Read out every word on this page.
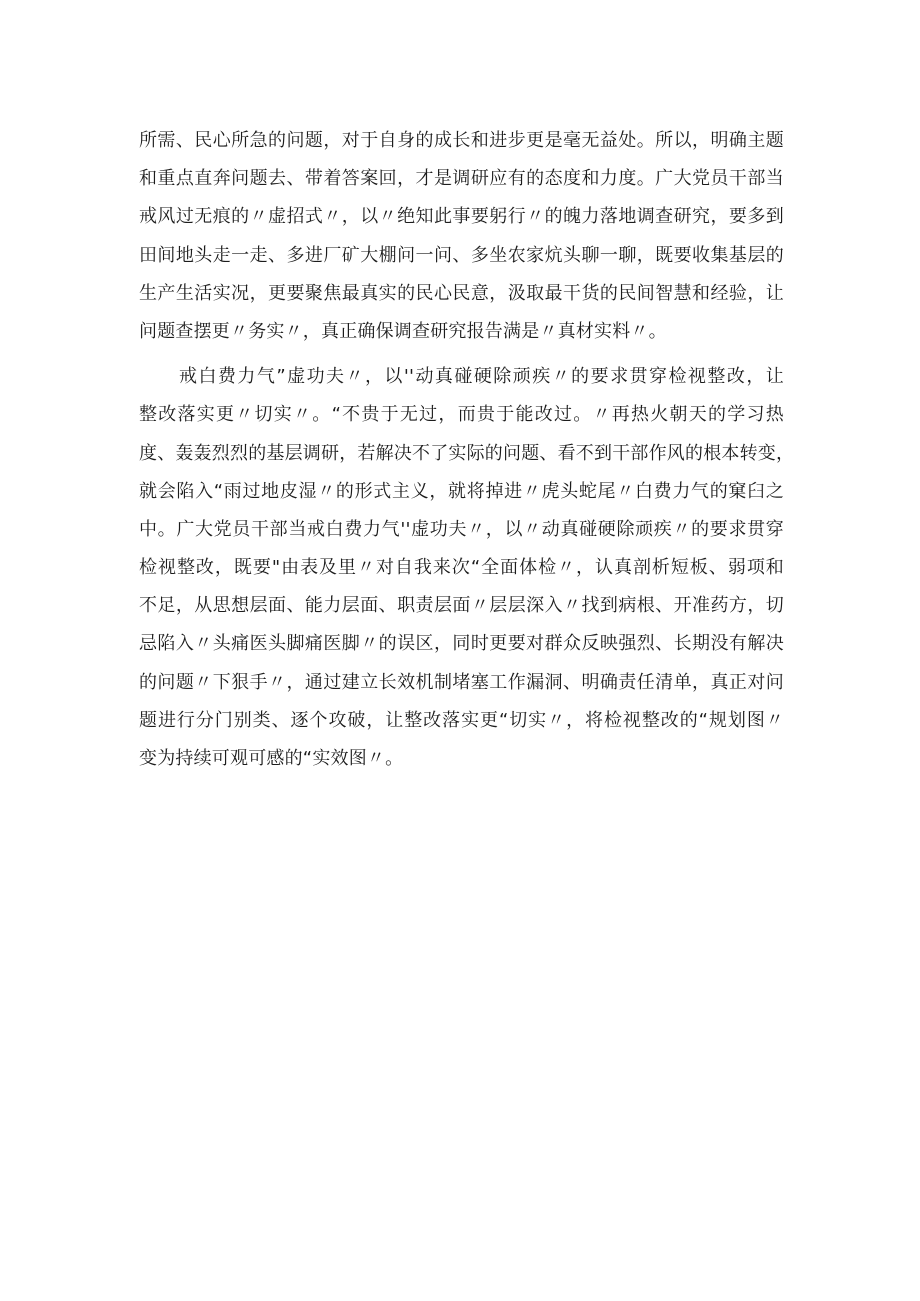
所需、民心所急的问题，对于自身的成长和进步更是毫无益处。所以，明确主题
和重点直奔问题去、带着答案回，才是调研应有的态度和力度。广大党员干部当
戒风过无痕的〃虚招式〃，以〃绝知此事要躬行〃的魄力落地调查研究，要多到
田间地头走一走、多进厂矿大棚问一问、多坐农家炕头聊一聊，既要收集基层的
生产生活实况，更要聚焦最真实的民心民意，汲取最干货的民间智慧和经验，让
问题查摆更〃务实〃，真正确保调查研究报告满是〃真材实料〃。
戒白费力气”虚功夫〃，以''动真碰硬除顽疾〃的要求贯穿检视整改，让
整改落实更〃切实〃。“不贵于无过，而贵于能改过。〃再热火朝天的学习热
度、轰轰烈烈的基层调研，若解决不了实际的问题、看不到干部作风的根本转变，
就会陷入“雨过地皮湿〃的形式主义，就将掉进〃虎头蛇尾〃白费力气的窠臼之
中。广大党员干部当戒白费力气''虚功夫〃，以〃动真碰硬除顽疾〃的要求贯穿
检视整改，既要"由表及里〃对自我来次“全面体检〃，认真剖析短板、弱项和
不足，从思想层面、能力层面、职责层面〃层层深入〃找到病根、开准药方，切
忌陷入〃头痛医头脚痛医脚〃的误区，同时更要对群众反映强烈、长期没有解决
的问题〃下狠手〃，通过建立长效机制堵塞工作漏洞、明确责任清单，真正对问
题进行分门别类、逐个攻破，让整改落实更“切实〃，将检视整改的“规划图〃
变为持续可观可感的“实效图〃。
